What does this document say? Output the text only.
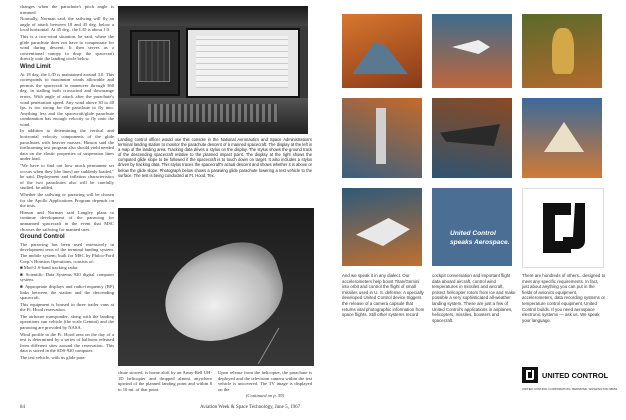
changes when the parachute's pitch angle is trimmed.

Normally, Norman said, the sailwing will fly an angle of attack between 18 and 45 deg. below a local horizontal. At 45 deg., the L/D is about 1.0.

This is a two-wind situation, he said, where the glide parachute does not have to compensate for wind during descent. It then serves as a conventional canopy to drop the spacecraft directly onto the landing circle below.

Wind Limit

At 18 deg. the L/D is maintained around 3.0. This corresponds to maximum winds allowable and permits the spacecraft to maneuver through 360 deg. in stalling both crosswind and downrange errors. With angle of attack after the parachute's wind penetration speed. Any wind above 30 to 40 fps. is too strong for the parachute to fly into. Anything less and the spacecraft/glide parachute combination has enough velocity to fly onto the wind.

In addition to determining the vertical and horizontal velocity components of the glide parachutes with heavier masses, Hinson said the forthcoming test program also should yield needed data on the elastic properties of suspension lines under load.

"We have to find out how much permanent set occurs when they [the lines] are suddenly loaded," he said. Deployment and inflation characteristics of the two parachutes also will be carefully studied, he added.

Whether the sailwing or parawing will be chosen for the Apollo Applications Program depends on the tests.

Hinson and Norman said Langley plans to continue development of the parawing for unmanned spacecraft in the event that MSC chooses the sailwing for manned uses.

Ground Control

The parawing has been used extensively in development tests of the terminal landing system. The mobile system, built for MSC by Philco-Ford Corp.'s Houston Operations, consists of:

■ Mod-2 S-band tracking radar.

■ Scientific Data Systems 920 digital computer system.

■ Appropriate displays and radio-frequency (RF) links between the station and the descending spacecraft.

This equipment is housed in three trailer vans at the Ft. Hood reservation.

The airborne transponder, along with the landing operations van vehicle (the scale Gemini) and the parawing are provided by NASA.

Wind profile in the Ft. Hood area on the day of a test is determined by a series of balloons released from different sites around the reservation. This data is stored in the SDS-920 computer.

The test vehicle, with its glide para-

Landing control officer would use this console in the National Aeronautics and Space Administration's terminal landing station to monitor the parachute descent of a manned spacecraft. The display at the left is a map of the landing area. Tracking data drives a stylus on the display. The stylus shows the ground track of the descending spacecraft relative to the planned impact point. The display at the right shows the computed glide slope to be followed if the spacecraft is to touch down on target. It also includes a stylus driven by tracking data. This stylus traces the spacecraft's actual descent and shows whether it is above or below the glide slope. Photograph below shows a parawing glide parachute lowering a test vehicle to the surface. The test is being conducted at Ft. Hood, Tex.
chute stowed, is borne aloft by an Army-Bell UH-1D helicopter and dropped almost anywhere upwind of the planned landing point and within 8 to 10 mi. of that point.
Upon release from the helicopter, the parachute is deployed and the television camera within the test vehicle is uncovered. The TV image is displayed on the
(Continued on p. 59)
United Control
speaks Aerospace.
And we speak it in any dialect. Our accelerometers help boost Titan/Gemini into orbit and control the flight of small missiles used in U. S. defense. A specially developed United Control device triggers the release of a camera capsule that returns vital photographic information from space flights. Still other systems record
cockpit conversation and important flight data aboard aircraft, control wind temperatures in missiles and aircraft, protect helicopter rotors from ice and make possible a very sophisticated all-weather landing system. These are just a few of United Control's applications in airplanes, helicopters, missiles, boosters and spacecraft.
There are hundreds of others...designed to meet any specific requirements. In fact, just about anything you can put in the fields of avionics equipment, accelerometers, data recording systems or temperature control equipment, United Control builds. If you need aerospace electronic systems — ask us. We speak your language.
UNITED CONTROL
UNITED CONTROL CORPORATION / REDMOND, WASHINGTON 98052
84	Aviation Week & Space Technology, June 5, 1967
